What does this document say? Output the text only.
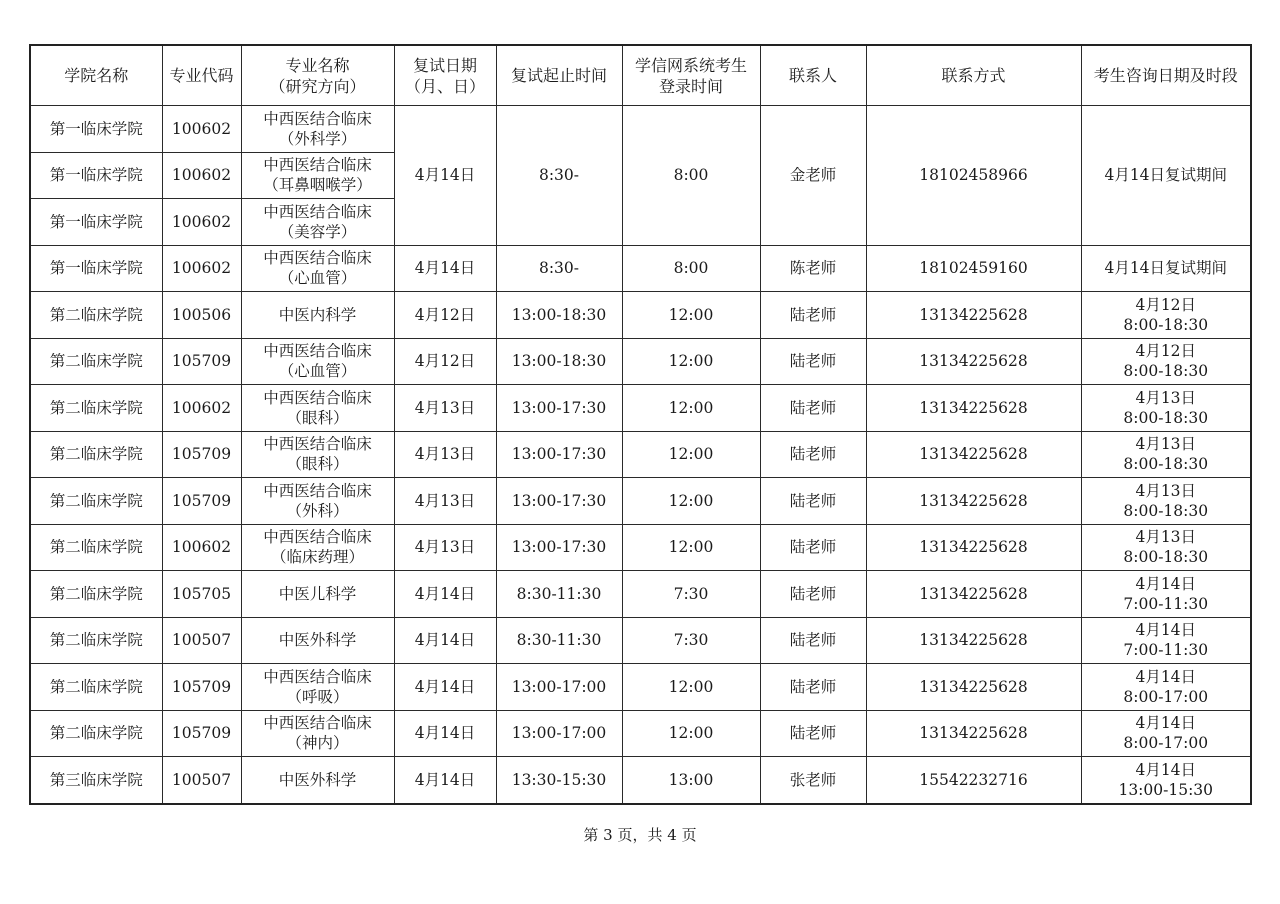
学院名称	专业代码	专业名称
（研究方向）	复试日期
（月、日）	复试起止时间	学信网系统考生
登录时间	联系人	联系方式	考生咨询日期及时段
第一临床学院	100602	中西医结合临床
（外科学）	4月14日	8:30-	8:00	金老师	18102458966	4月14日复试期间
第一临床学院	100602	中西医结合临床
（耳鼻咽喉学）						
第一临床学院	100602	中西医结合临床
（美容学）						
第一临床学院	100602	中西医结合临床
（心血管）	4月14日	8:30-	8:00	陈老师	18102459160	4月14日复试期间
第二临床学院	100506	中医内科学	4月12日	13:00-18:30	12:00	陆老师	13134225628	4月12日
8:00-18:30
第二临床学院	105709	中西医结合临床
（心血管）	4月12日	13:00-18:30	12:00	陆老师	13134225628	4月12日
8:00-18:30
第二临床学院	100602	中西医结合临床
（眼科）	4月13日	13:00-17:30	12:00	陆老师	13134225628	4月13日
8:00-18:30
第二临床学院	105709	中西医结合临床
（眼科）	4月13日	13:00-17:30	12:00	陆老师	13134225628	4月13日
8:00-18:30
第二临床学院	105709	中西医结合临床
（外科）	4月13日	13:00-17:30	12:00	陆老师	13134225628	4月13日
8:00-18:30
第二临床学院	100602	中西医结合临床
（临床药理）	4月13日	13:00-17:30	12:00	陆老师	13134225628	4月13日
8:00-18:30
第二临床学院	105705	中医儿科学	4月14日	8:30-11:30	7:30	陆老师	13134225628	4月14日
7:00-11:30
第二临床学院	100507	中医外科学	4月14日	8:30-11:30	7:30	陆老师	13134225628	4月14日
7:00-11:30
第二临床学院	105709	中西医结合临床
（呼吸）	4月14日	13:00-17:00	12:00	陆老师	13134225628	4月14日
8:00-17:00
第二临床学院	105709	中西医结合临床
（神内）	4月14日	13:00-17:00	12:00	陆老师	13134225628	4月14日
8:00-17:00
第三临床学院	100507	中医外科学	4月14日	13:30-15:30	13:00	张老师	15542232716	4月14日
13:00-15:30
第 3 页，共 4 页
